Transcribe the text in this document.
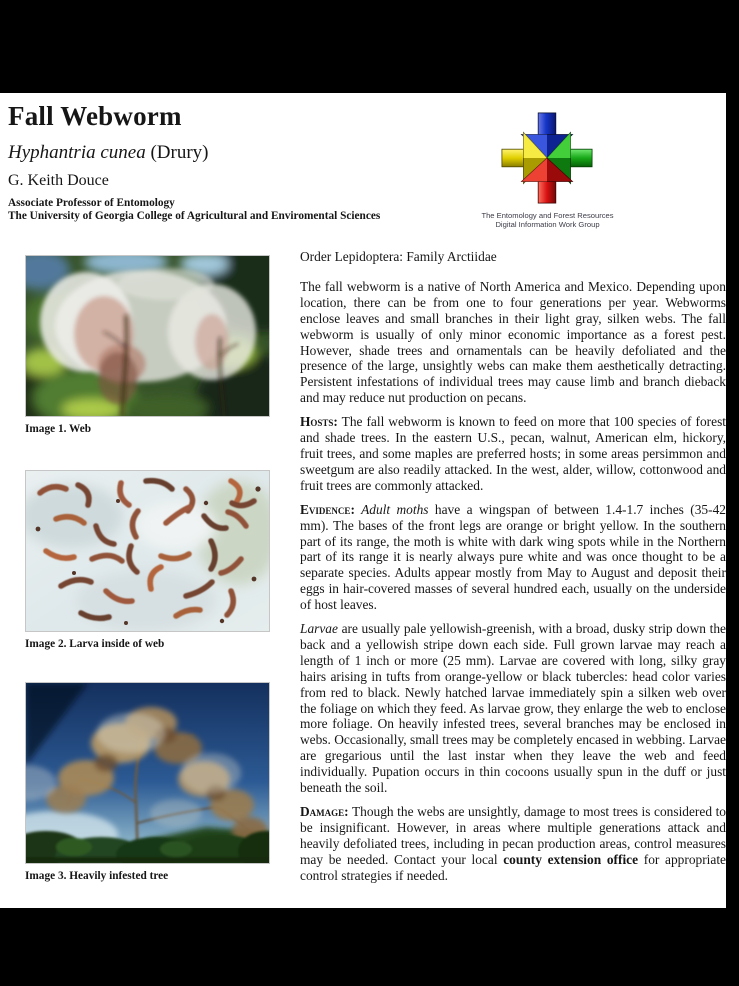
Fall Webworm
Hyphantria cunea (Drury)
G. Keith Douce
Associate Professor of Entomology
The University of Georgia College of Agricultural and Enviromental Sciences	The Entomology and Forest Resources
Digital Information Work Group
Image 1. Web
Image 2. Larva inside of web
Image 3. Heavily infested tree

Order Lepidoptera: Family Arctiidae

The fall webworm is a native of North America and Mexico. Depending upon location, there can be from one to four generations per year. Webworms enclose leaves and small branches in their light gray, silken webs. The fall webworm is usually of only minor economic importance as a forest pest. However, shade trees and ornamentals can be heavily defoliated and the presence of the large, unsightly webs can make them aesthetically detracting. Persistent infestations of individual trees may cause limb and branch dieback and may reduce nut production on pecans.

Hosts: The fall webworm is known to feed on more that 100 species of forest and shade trees. In the eastern U.S., pecan, walnut, American elm, hickory, fruit trees, and some maples are preferred hosts; in some areas persimmon and sweetgum are also readily attacked. In the west, alder, willow, cottonwood and fruit trees are commonly attacked.

Evidence: Adult moths have a wingspan of between 1.4-1.7 inches (35-42 mm). The bases of the front legs are orange or bright yellow. In the southern part of its range, the moth is white with dark wing spots while in the Northern part of its range it is nearly always pure white and was once thought to be a separate species. Adults appear mostly from May to August and deposit their eggs in hair-covered masses of several hundred each, usually on the underside of host leaves.

Larvae are usually pale yellowish-greenish, with a broad, dusky strip down the back and a yellowish stripe down each side. Full grown larvae may reach a length of 1 inch or more (25 mm). Larvae are covered with long, silky gray hairs arising in tufts from orange-yellow or black tubercles: head color varies from red to black. Newly hatched larvae immediately spin a silken web over the foliage on which they feed. As larvae grow, they enlarge the web to enclose more foliage. On heavily infested trees, several branches may be enclosed in webs. Occasionally, small trees may be completely encased in webbing. Larvae are gregarious until the last instar when they leave the web and feed individually. Pupation occurs in thin cocoons usually spun in the duff or just beneath the soil.

Damage: Though the webs are unsightly, damage to most trees is considered to be insignificant. However, in areas where multiple generations attack and heavily defoliated trees, including in pecan production areas, control measures may be needed. Contact your local county extension office for appropriate control strategies if needed.
